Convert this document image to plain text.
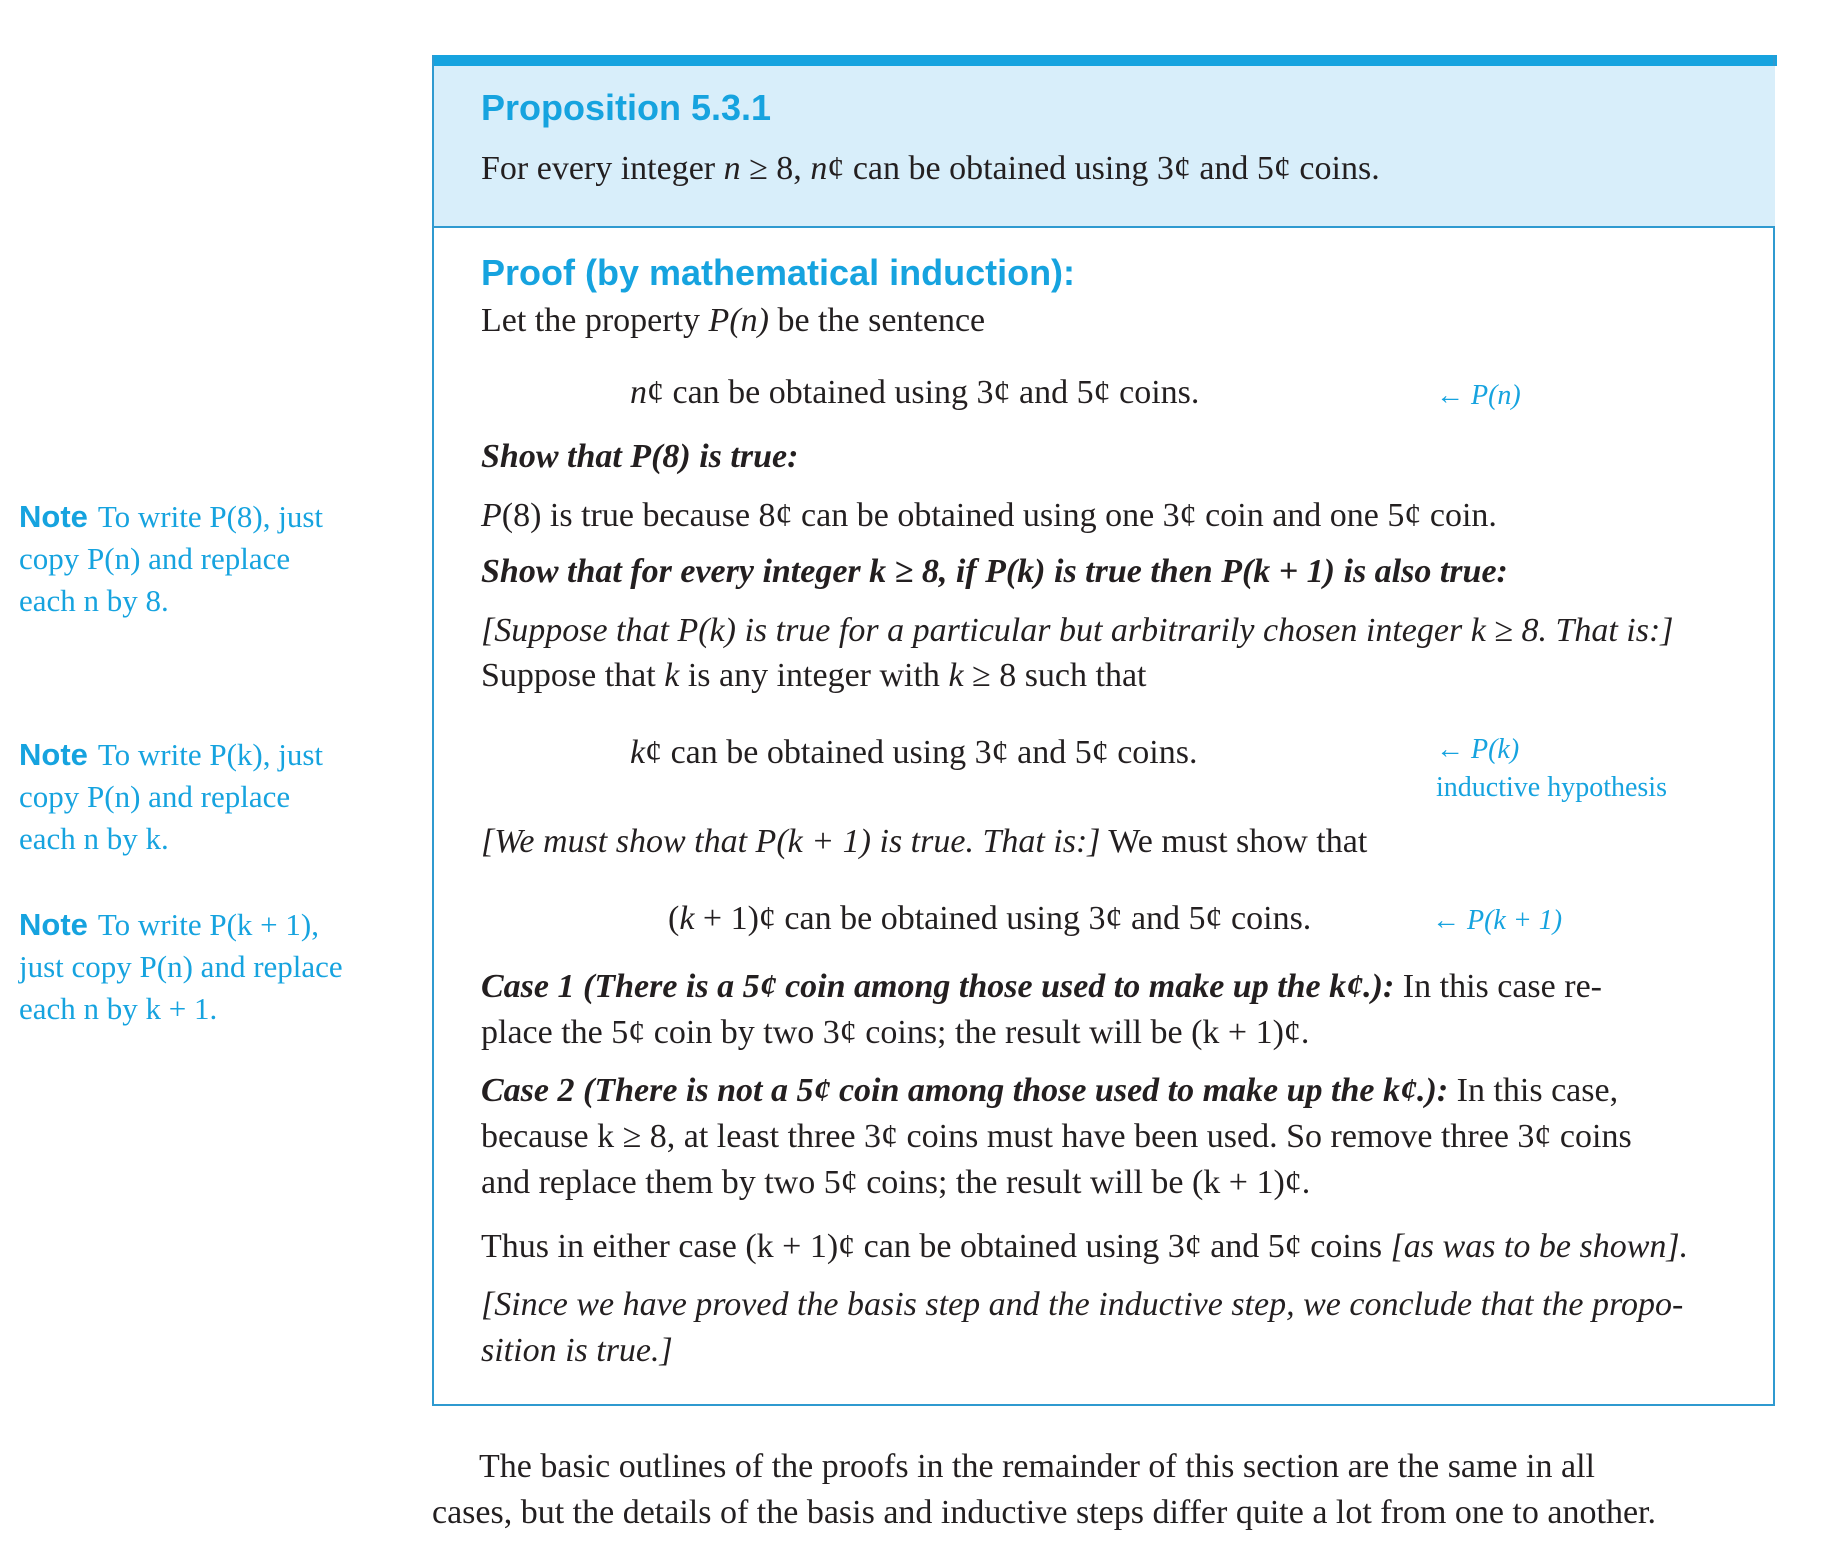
Proposition 5.3.1
For every integer n ≥ 8, n¢ can be obtained using 3¢ and 5¢ coins.
Proof (by mathematical induction):
Let the property P(n) be the sentence
n¢ can be obtained using 3¢ and 5¢ coins.	← P(n)
Show that P(8) is true:
P(8) is true because 8¢ can be obtained using one 3¢ coin and one 5¢ coin.
Show that for every integer k ≥ 8, if P(k) is true then P(k + 1) is also true:
[Suppose that P(k) is true for a particular but arbitrarily chosen integer k ≥ 8. That is:]
Suppose that k is any integer with k ≥ 8 such that
k¢ can be obtained using 3¢ and 5¢ coins.	← P(k)
inductive hypothesis
[We must show that P(k + 1) is true. That is:] We must show that
(k + 1)¢ can be obtained using 3¢ and 5¢ coins.	← P(k + 1)
Case 1 (There is a 5¢ coin among those used to make up the k¢.): In this case re-
place the 5¢ coin by two 3¢ coins; the result will be (k + 1)¢.
Case 2 (There is not a 5¢ coin among those used to make up the k¢.): In this case,
because k ≥ 8, at least three 3¢ coins must have been used. So remove three 3¢ coins
and replace them by two 5¢ coins; the result will be (k + 1)¢.
Thus in either case (k + 1)¢ can be obtained using 3¢ and 5¢ coins [as was to be shown].
[Since we have proved the basis step and the inductive step, we conclude that the propo-
sition is true.]
Note To write P(8), just
copy P(n) and replace
each n by 8.
Note To write P(k), just
copy P(n) and replace
each n by k.
Note To write P(k + 1),
just copy P(n) and replace
each n by k + 1.
The basic outlines of the proofs in the remainder of this section are the same in all
cases, but the details of the basis and inductive steps differ quite a lot from one to another.
